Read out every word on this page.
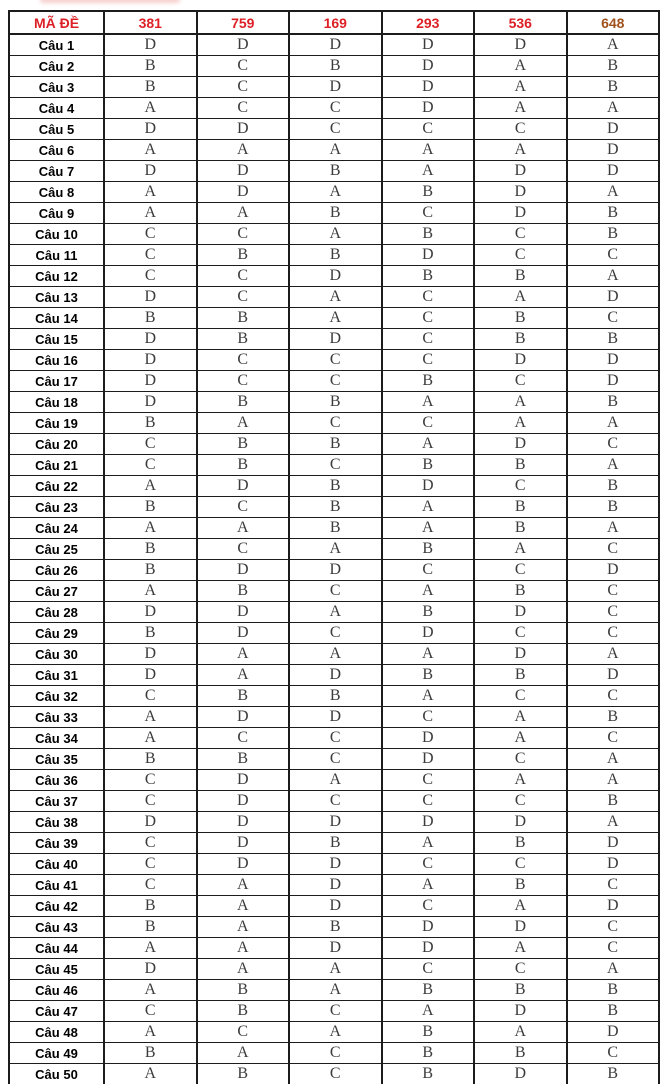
MÃ ĐỀ	381	759	169	293	536	648
Câu 1	D	D	D	D	D	A
Câu 2	B	C	B	D	A	B
Câu 3	B	C	D	D	A	B
Câu 4	A	C	C	D	A	A
Câu 5	D	D	C	C	C	D
Câu 6	A	A	A	A	A	D
Câu 7	D	D	B	A	D	D
Câu 8	A	D	A	B	D	A
Câu 9	A	A	B	C	D	B
Câu 10	C	C	A	B	C	B
Câu 11	C	B	B	D	C	C
Câu 12	C	C	D	B	B	A
Câu 13	D	C	A	C	A	D
Câu 14	B	B	A	C	B	C
Câu 15	D	B	D	C	B	B
Câu 16	D	C	C	C	D	D
Câu 17	D	C	C	B	C	D
Câu 18	D	B	B	A	A	B
Câu 19	B	A	C	C	A	A
Câu 20	C	B	B	A	D	C
Câu 21	C	B	C	B	B	A
Câu 22	A	D	B	D	C	B
Câu 23	B	C	B	A	B	B
Câu 24	A	A	B	A	B	A
Câu 25	B	C	A	B	A	C
Câu 26	B	D	D	C	C	D
Câu 27	A	B	C	A	B	C
Câu 28	D	D	A	B	D	C
Câu 29	B	D	C	D	C	C
Câu 30	D	A	A	A	D	A
Câu 31	D	A	D	B	B	D
Câu 32	C	B	B	A	C	C
Câu 33	A	D	D	C	A	B
Câu 34	A	C	C	D	A	C
Câu 35	B	B	C	D	C	A
Câu 36	C	D	A	C	A	A
Câu 37	C	D	C	C	C	B
Câu 38	D	D	D	D	D	A
Câu 39	C	D	B	A	B	D
Câu 40	C	D	D	C	C	D
Câu 41	C	A	D	A	B	C
Câu 42	B	A	D	C	A	D
Câu 43	B	A	B	D	D	C
Câu 44	A	A	D	D	A	C
Câu 45	D	A	A	C	C	A
Câu 46	A	B	A	B	B	B
Câu 47	C	B	C	A	D	B
Câu 48	A	C	A	B	A	D
Câu 49	B	A	C	B	B	C
Câu 50	A	B	C	B	D	B
